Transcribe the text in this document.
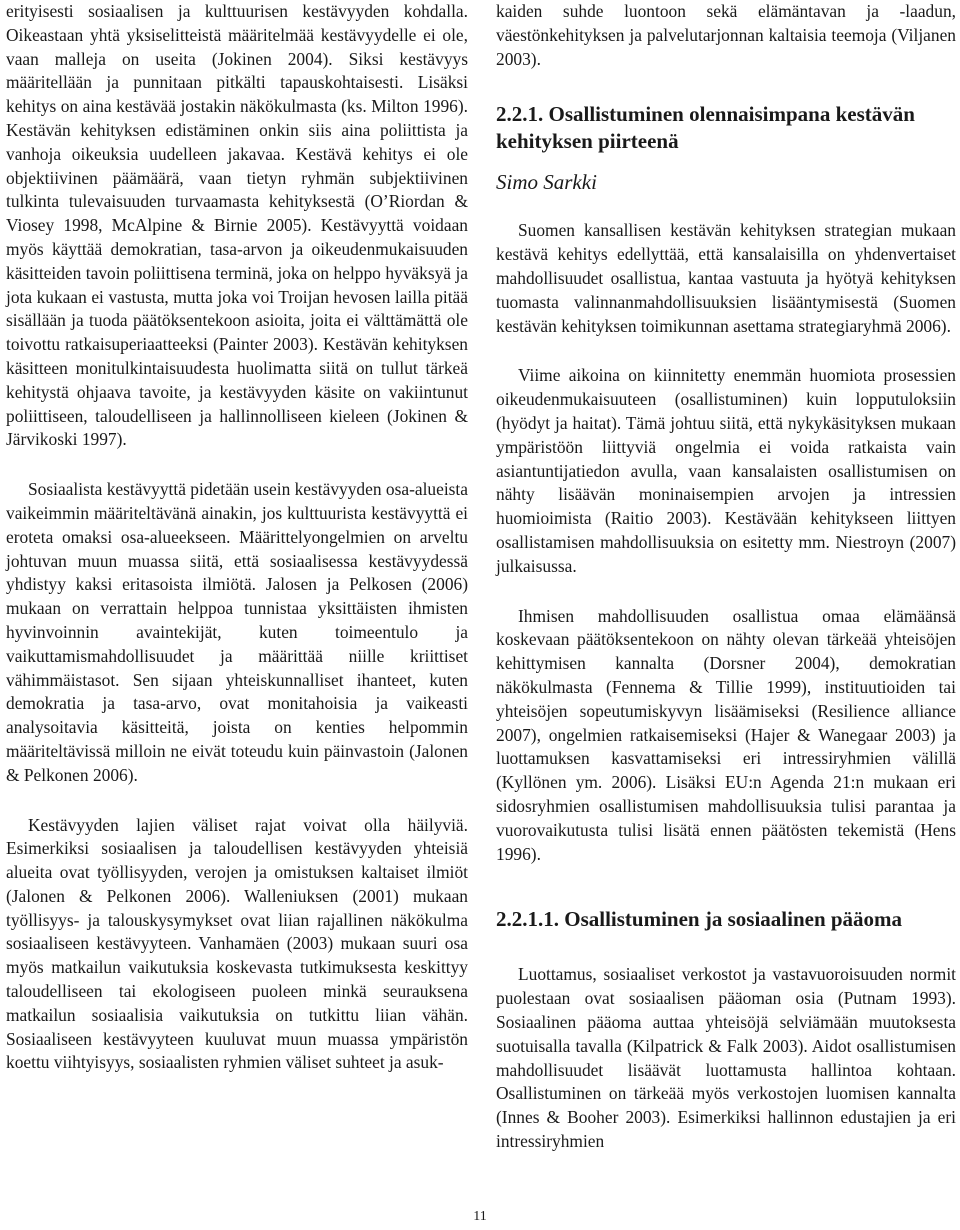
erityisesti sosiaalisen ja kulttuurisen kestävyyden kohdalla. Oikeastaan yhtä yksiselitteistä määritelmää kestävyydelle ei ole, vaan malleja on useita (Jokinen 2004). Siksi kestävyys määritellään ja punnitaan pitkälti tapauskohtaisesti. Lisäksi kehitys on aina kestävää jostakin näkökulmasta (ks. Milton 1996). Kestävän kehityksen edistäminen onkin siis aina poliittista ja vanhoja oikeuksia uudelleen jakavaa. Kestävä kehitys ei ole objektiivinen päämäärä, vaan tietyn ryhmän subjektiivinen tulkinta tulevaisuuden turvaamasta kehityksestä (O’Riordan & Viosey 1998, McAlpine & Birnie 2005). Kestävyyttä voidaan myös käyttää demokratian, tasa-arvon ja oikeudenmukaisuuden käsitteiden tavoin poliittisena terminä, joka on helppo hyväksyä ja jota kukaan ei vastusta, mutta joka voi Troijan hevosen lailla pitää sisällään ja tuoda päätöksentekoon asioita, joita ei välttämättä ole toivottu ratkaisuperiaatteeksi (Painter 2003). Kestävän kehityksen käsitteen monitulkintaisuudesta huolimatta siitä on tullut tärkeä kehitystä ohjaava tavoite, ja kestävyyden käsite on vakiintunut poliittiseen, taloudelliseen ja hallinnolliseen kieleen (Jokinen & Järvikoski 1997).

Sosiaalista kestävyyttä pidetään usein kestävyyden osa-alueista vaikeimmin määriteltävänä ainakin, jos kulttuurista kestävyyttä ei eroteta omaksi osa-alueekseen. Määrittelyongelmien on arveltu johtuvan muun muassa siitä, että sosiaalisessa kestävyydessä yhdistyy kaksi eritasoista ilmiötä. Jalosen ja Pelkosen (2006) mukaan on verrattain helppoa tunnistaa yksittäisten ihmisten hyvinvoinnin avaintekijät, kuten toimeentulo ja vaikuttamismahdollisuudet ja määrittää niille kriittiset vähimmäistasot. Sen sijaan yhteiskunnalliset ihanteet, kuten demokratia ja tasa-arvo, ovat monitahoisia ja vaikeasti analysoitavia käsitteitä, joista on kenties helpommin määriteltävissä milloin ne eivät toteudu kuin päinvastoin (Jalonen & Pelkonen 2006).

Kestävyyden lajien väliset rajat voivat olla häilyviä. Esimerkiksi sosiaalisen ja taloudellisen kestävyyden yhteisiä alueita ovat työllisyyden, verojen ja omistuksen kaltaiset ilmiöt (Jalonen & Pelkonen 2006). Walleniuksen (2001) mukaan työllisyys- ja talouskysymykset ovat liian rajallinen näkökulma sosiaaliseen kestävyyteen. Vanhamäen (2003) mukaan suuri osa myös matkailun vaikutuksia koskevasta tutkimuksesta keskittyy taloudelliseen tai ekologiseen puoleen minkä seurauksena matkailun sosiaalisia vaikutuksia on tutkittu liian vähän. Sosiaaliseen kestävyyteen kuuluvat muun muassa ympäristön koettu viihtyisyys, sosiaalisten ryhmien väliset suhteet ja asuk-

kaiden suhde luontoon sekä elämäntavan ja -laadun, väestönkehityksen ja palvelutarjonnan kaltaisia teemoja (Viljanen 2003).

2.2.1. Osallistuminen olennaisimpana kestävän kehityksen piirteenä
Simo Sarkki

Suomen kansallisen kestävän kehityksen strategian mukaan kestävä kehitys edellyttää, että kansalaisilla on yhdenvertaiset mahdollisuudet osallistua, kantaa vastuuta ja hyötyä kehityksen tuomasta valinnanmahdollisuuksien lisääntymisestä (Suomen kestävän kehityksen toimikunnan asettama strategiaryhmä 2006).

Viime aikoina on kiinnitetty enemmän huomiota prosessien oikeudenmukaisuuteen (osallistuminen) kuin lopputuloksiin (hyödyt ja haitat). Tämä johtuu siitä, että nykykäsityksen mukaan ympäristöön liittyviä ongelmia ei voida ratkaista vain asiantuntijatiedon avulla, vaan kansalaisten osallistumisen on nähty lisäävän moninaisempien arvojen ja intressien huomioimista (Raitio 2003). Kestävään kehitykseen liittyen osallistamisen mahdollisuuksia on esitetty mm. Niestroyn (2007) julkaisussa.

Ihmisen mahdollisuuden osallistua omaa elämäänsä koskevaan päätöksentekoon on nähty olevan tärkeää yhteisöjen kehittymisen kannalta (Dorsner 2004), demokratian näkökulmasta (Fennema & Tillie 1999), instituutioiden tai yhteisöjen sopeutumiskyvyn lisäämiseksi (Resilience alliance 2007), ongelmien ratkaisemiseksi (Hajer & Wanegaar 2003) ja luottamuksen kasvattamiseksi eri intressiryhmien välillä (Kyllönen ym. 2006). Lisäksi EU:n Agenda 21:n mukaan eri sidosryhmien osallistumisen mahdollisuuksia tulisi parantaa ja vuorovaikutusta tulisi lisätä ennen päätösten tekemistä (Hens 1996).

2.2.1.1. Osallistuminen ja sosiaalinen pääoma

Luottamus, sosiaaliset verkostot ja vastavuoroisuuden normit puolestaan ovat sosiaalisen pääoman osia (Putnam 1993). Sosiaalinen pääoma auttaa yhteisöjä selviämään muutoksesta suotuisalla tavalla (Kilpatrick & Falk 2003). Aidot osallistumisen mahdollisuudet lisäävät luottamusta hallintoa kohtaan. Osallistuminen on tärkeää myös verkostojen luomisen kannalta (Innes & Booher 2003). Esimerkiksi hallinnon edustajien ja eri intressiryhmien

11
